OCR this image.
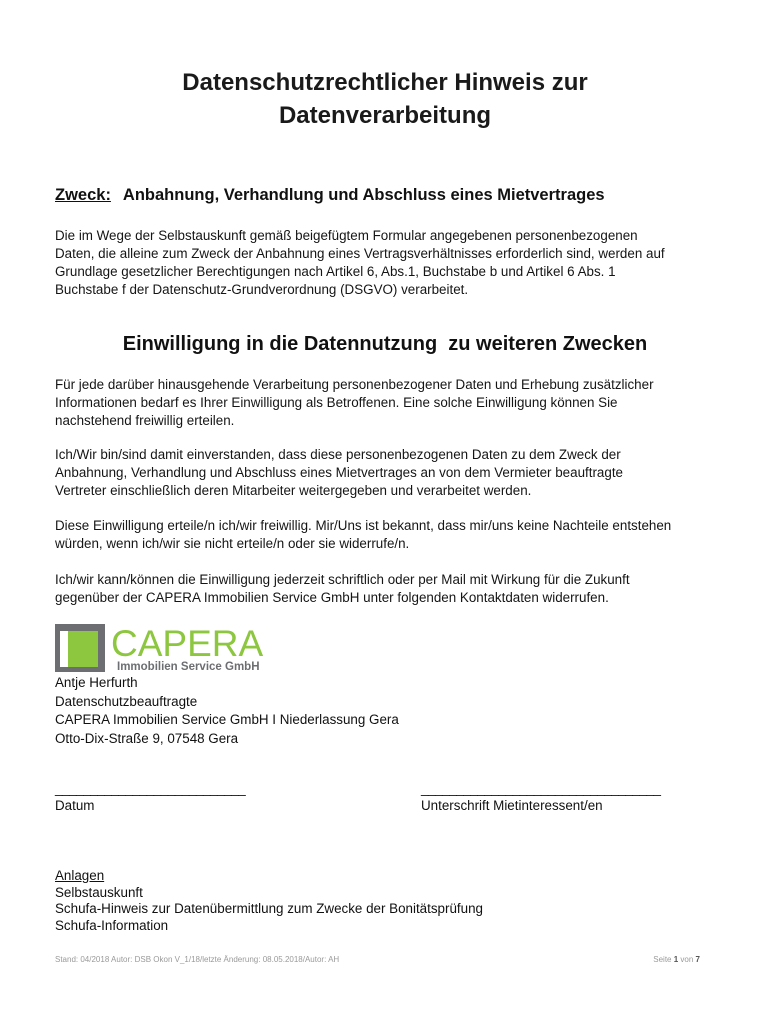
Datenschutzrechtlicher Hinweis zur
Datenverarbeitung
Zweck: Anbahnung, Verhandlung und Abschluss eines Mietvertrages
Die im Wege der Selbstauskunft gemäß beigefügtem Formular angegebenen personenbezogenen
Daten, die alleine zum Zweck der Anbahnung eines Vertragsverhältnisses erforderlich sind, werden auf
Grundlage gesetzlicher Berechtigungen nach Artikel 6, Abs.1, Buchstabe b und Artikel 6 Abs. 1
Buchstabe f der Datenschutz-Grundverordnung (DSGVO) verarbeitet.
Einwilligung in die Datennutzung  zu weiteren Zwecken
Für jede darüber hinausgehende Verarbeitung personenbezogener Daten und Erhebung zusätzlicher
Informationen bedarf es Ihrer Einwilligung als Betroffenen. Eine solche Einwilligung können Sie
nachstehend freiwillig erteilen.
Ich/Wir bin/sind damit einverstanden, dass diese personenbezogenen Daten zu dem Zweck der
Anbahnung, Verhandlung und Abschluss eines Mietvertrages an von dem Vermieter beauftragte
Vertreter einschließlich deren Mitarbeiter weitergegeben und verarbeitet werden.
Diese Einwilligung erteile/n ich/wir freiwillig. Mir/Uns ist bekannt, dass mir/uns keine Nachteile entstehen
würden, wenn ich/wir sie nicht erteile/n oder sie widerrufe/n.
Ich/wir kann/können die Einwilligung jederzeit schriftlich oder per Mail mit Wirkung für die Zukunft
gegenüber der CAPERA Immobilien Service GmbH unter folgenden Kontaktdaten widerrufen.
CAPERA
Immobilien Service GmbH
Antje Herfurth
Datenschutzbeauftragte
CAPERA Immobilien Service GmbH I Niederlassung Gera
Otto-Dix-Straße 9, 07548 Gera
___________________________
Datum
__________________________________
Unterschrift Mietinteressent/en
Anlagen
Selbstauskunft
Schufa-Hinweis zur Datenübermittlung zum Zwecke der Bonitätsprüfung
Schufa-Information
Stand: 04/2018 Autor: DSB Okon V_1/18/letzte Änderung: 08.05.2018/Autor: AH	Seite 1 von 7
